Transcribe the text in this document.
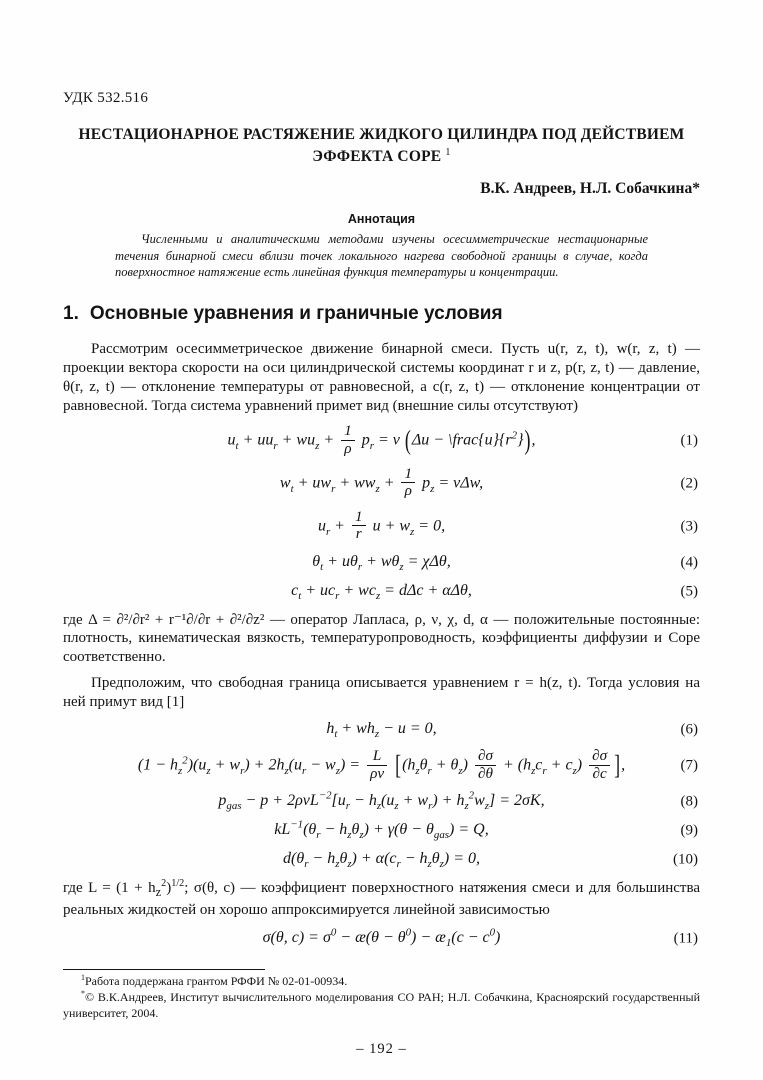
УДК 532.516
НЕСТАЦИОНАРНОЕ РАСТЯЖЕНИЕ ЖИДКОГО ЦИЛИНДРА ПОД ДЕЙСТВИЕМ
ЭФФЕКТА СОРЕ $^1$
В.К. Андреев, Н.Л. Собачкина*
Аннотация
Численными и аналитическими методами изучены осесимметрические нестационарные течения бинарной смеси вблизи точек локального нагрева свободной границы в случае, когда поверхностное натяжение есть линейная функция температуры и концентрации.
1. Основные уравнения и граничные условия

Рассмотрим осесимметрическое движение бинарной смеси. Пусть u(r, z, t), w(r, z, t) — проекции вектора скорости на оси цилиндрической системы координат r и z, p(r, z, t) — давление, θ(r, z, t) — отклонение температуры от равновесной, а c(r, z, t) — отклонение концентрации от равновесной. Тогда система уравнений примет вид (внешние силы отсутствуют)

$u_t + uu_r + wu_z + \frac{1}{\rho} p_r = \nu$ $(\Delta u - \backslash frac\{u\}\{r^2\})$,	(1)
$w_t + uw_r + ww_z + \frac{1}{\rho} p_z = \nu\Delta w$,	(2)
$u_r + \frac{1}{r}$ $u + w_z = 0$,	(3)
$\theta_t + u\theta_r + w\theta_z = \chi\Delta\theta$,	(4)
$c_t + uc_r + wc_z = d\Delta c + \alpha\Delta\theta$,	(5)

где Δ = ∂²/∂r² + r⁻¹∂/∂r + ∂²/∂z² — оператор Лапласа, ρ, ν, χ, d, α — положительные постоянные: плотность, кинематическая вязкость, температуропроводность, коэффициенты диффузии и Соре соответственно.

Предположим, что свободная граница описывается уравнением r = h(z, t). Тогда условия на ней примут вид [1]

$h_t + wh_z - u = 0$,	(6)
$(1 - h_z^2)(u_z + w_r) + 2h_z(u_r - w_z) = \frac{L}{\rho\nu} [(h_z\theta_r + \theta_z) \frac{\partial\sigma}{\partial\theta} + (h_zc_r + c_z) \frac{\partial\sigma}{\partial c}$ ],	(7)
$p_{gas} - p + 2\rho\nu L^{-2}[u_r - h_z(u_z + w_r) + h_z^2w_z] = 2\sigma K$,	(8)
$kL^{-1}(\theta_r - h_z\theta_z) + \gamma(\theta - \theta_{gas}) = Q$,	(9)
$d(\theta_r - h_z\theta_z) + \alpha(c_r - h_z\theta_z) = 0$,	(10)

где $L = (1 + h_z^2)^{1/2}$; σ(θ, c) — коэффициент поверхностного натяжения смеси и для большинства реальных жидкостей он хорошо аппроксимируется линейной зависимостью

σ(θ, $c) = \sigma^0$ − æ(θ − $\theta^0$) − $æ_1(c - c^0)$	(11)

$^1$Работа поддержана грантом РФФИ № 02-01-00934.

*© В.К.Андреев, Институт вычислительного моделирования СО РАН; Н.Л. Собачкина, Красноярский государственный университет, 2004.

– 192 –
